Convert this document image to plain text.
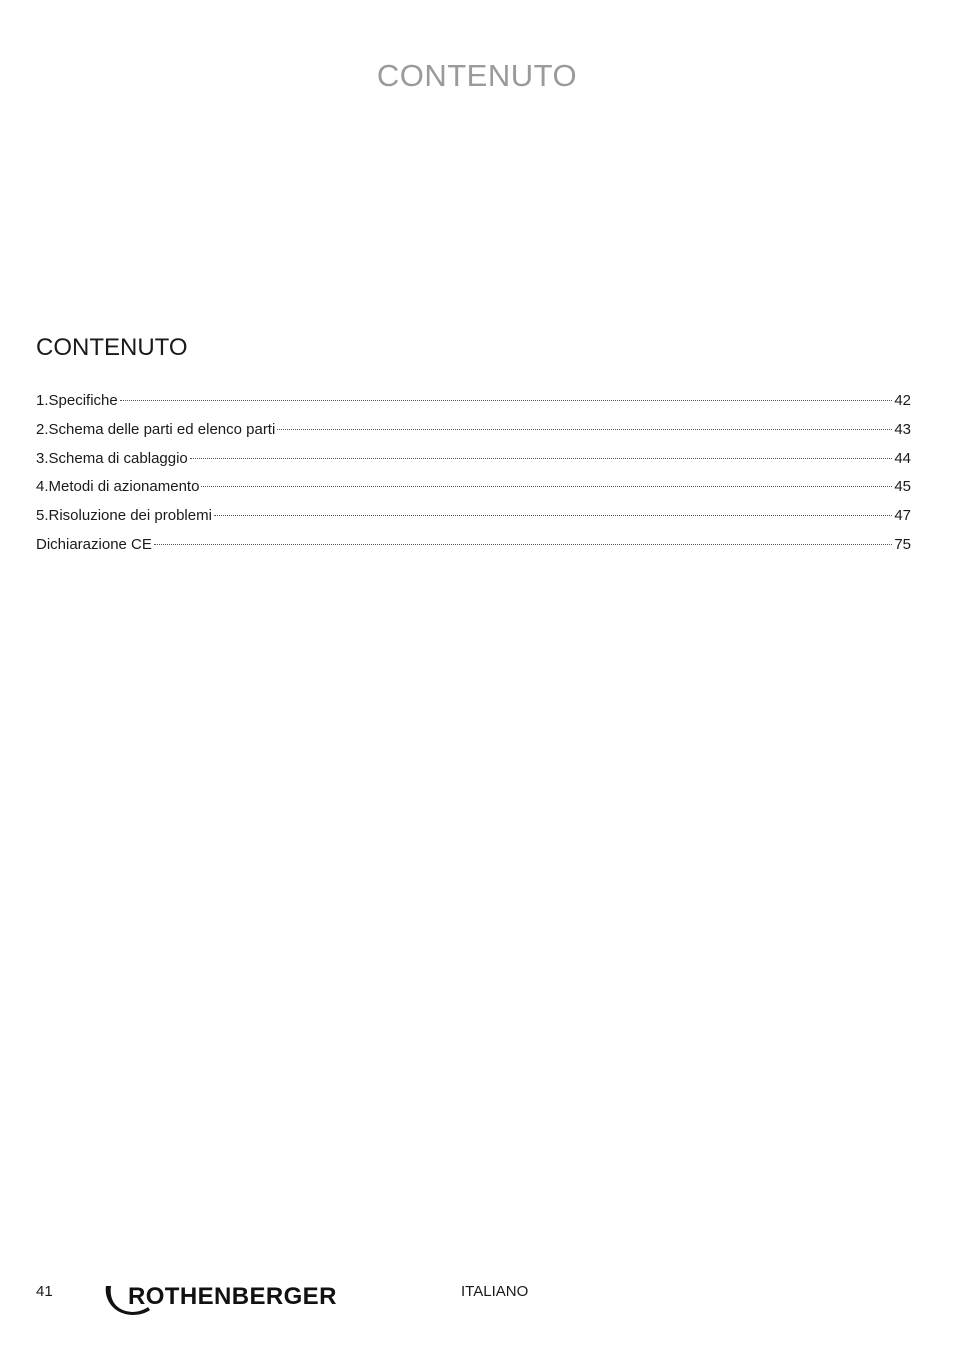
CONTENUTO
CONTENUTO
1.Specifiche	42
2.Schema delle parti ed elenco parti	43
3.Schema di cablaggio	44
4.Metodi di azionamento	45
5.Risoluzione dei problemi	47
Dichiarazione CE	75
41	ROTHENBERGER	ITALIANO
